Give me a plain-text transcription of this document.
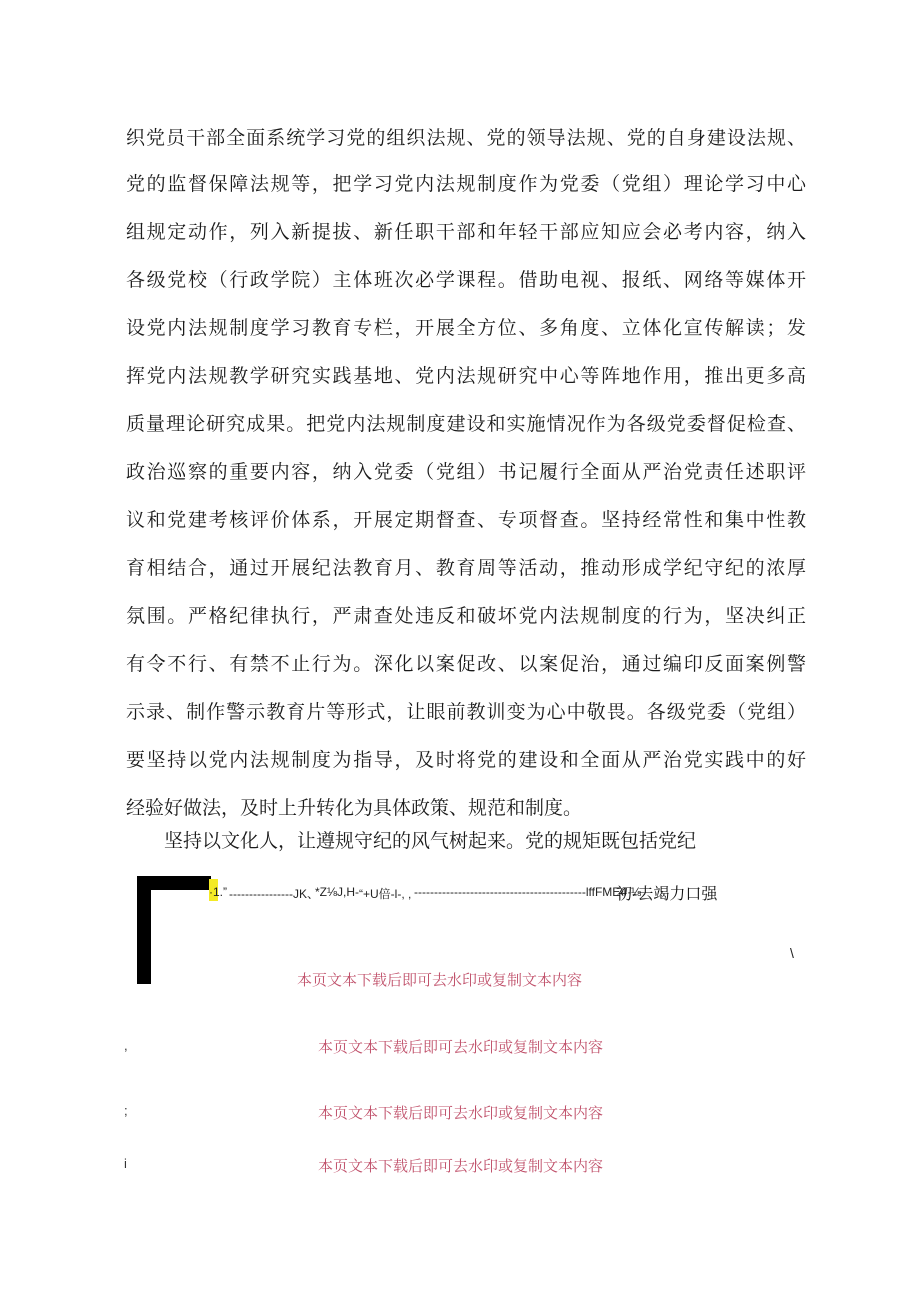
织党员干部全面系统学习党的组织法规、党的领导法规、党的自身建设法规、
党的监督保障法规等，把学习党内法规制度作为党委（党组）理论学习中心
组规定动作，列入新提拔、新任职干部和年轻干部应知应会必考内容，纳入
各级党校（行政学院）主体班次必学课程。借助电视、报纸、网络等媒体开
设党内法规制度学习教育专栏，开展全方位、多角度、立体化宣传解读；发
挥党内法规教学研究实践基地、党内法规研究中心等阵地作用，推出更多高
质量理论研究成果。把党内法规制度建设和实施情况作为各级党委督促检查、
政治巡察的重要内容，纳入党委（党组）书记履行全面从严治党责任述职评
议和党建考核评价体系，开展定期督查、专项督查。坚持经常性和集中性教
育相结合，通过开展纪法教育月、教育周等活动，推动形成学纪守纪的浓厚
氛围。严格纪律执行，严肃查处违反和破坏党内法规制度的行为，坚决纠正
有令不行、有禁不止行为。深化以案促改、以案促治，通过编印反面案例警
示录、制作警示教育片等形式，让眼前教训变为心中敬畏。各级党委（党组）
要坚持以党内法规制度为指导，及时将党的建设和全面从严治党实践中的好
经验好做法，及时上升转化为具体政策、规范和制度。
坚持以文化人，让遵规守纪的风气树起来。党的规矩既包括党纪
·1.” ----------------JK、
*Z⅛J,H- “+U倍-l-, , -------------------------------------------lffFME4·⅛
初-去竭力口强
\
本页文本下载后即可去水印或复制文本内容
,	本页文本下载后即可去水印或复制文本内容
;	本页文本下载后即可去水印或复制文本内容
i	本页文本下载后即可去水印或复制文本内容
